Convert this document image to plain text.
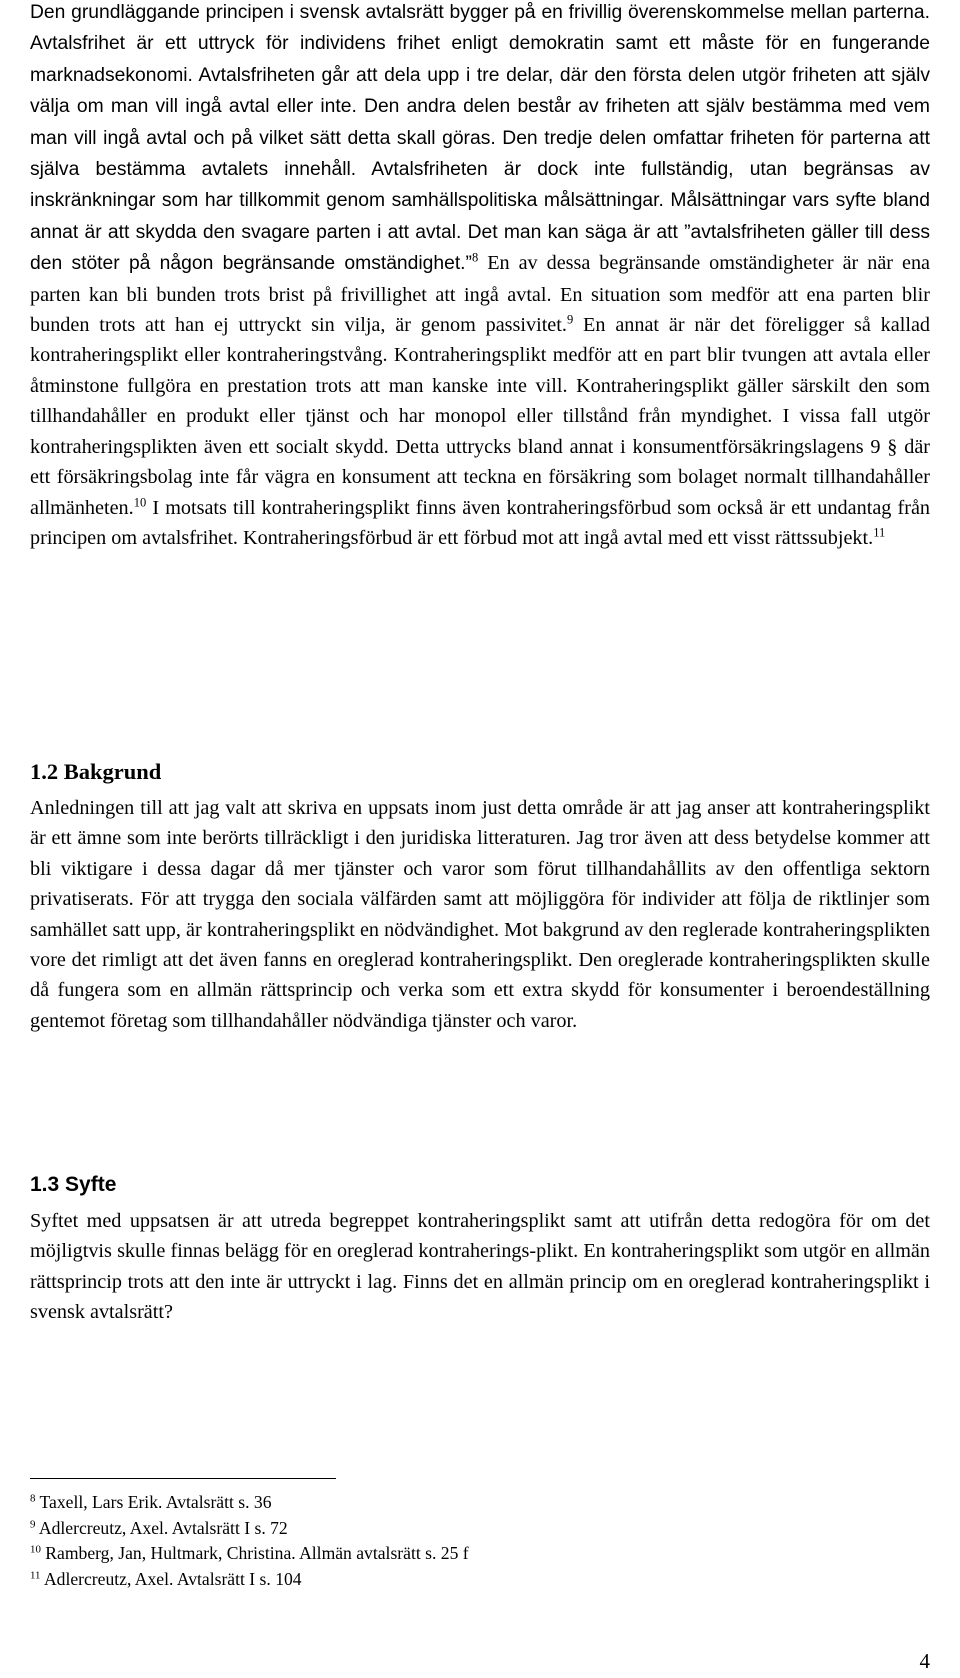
Den grundläggande principen i svensk avtalsrätt bygger på en frivillig överenskommelse mellan parterna. Avtalsfrihet är ett uttryck för individens frihet enligt demokratin samt ett måste för en fungerande marknadsekonomi. Avtalsfriheten går att dela upp i tre delar, där den första delen utgör friheten att själv välja om man vill ingå avtal eller inte. Den andra delen består av friheten att själv bestämma med vem man vill ingå avtal och på vilket sätt detta skall göras. Den tredje delen omfattar friheten för parterna att själva bestämma avtalets innehåll. Avtalsfriheten är dock inte fullständig, utan begränsas av inskränkningar som har tillkommit genom samhällspolitiska målsättningar. Målsättningar vars syfte bland annat är att skydda den svagare parten i att avtal. Det man kan säga är att ”avtalsfriheten gäller till dess den stöter på någon begränsande omständighet.”$^8$ En av dessa begränsande omständigheter är när ena parten kan bli bunden trots brist på frivillighet att ingå avtal. En situation som medför att ena parten blir bunden trots att han ej uttryckt sin vilja, är genom passivitet.$^9$ En annat är när det föreligger så kallad kontraheringsplikt eller kontraheringstvång. Kontraheringsplikt medför att en part blir tvungen att avtala eller åtminstone fullgöra en prestation trots att man kanske inte vill. Kontraheringsplikt gäller särskilt den som tillhandahåller en produkt eller tjänst och har monopol eller tillstånd från myndighet. I vissa fall utgör kontraheringsplikten även ett socialt skydd. Detta uttrycks bland annat i konsumentförsäkringslagens 9 § där ett försäkringsbolag inte får vägra en konsument att teckna en försäkring som bolaget normalt tillhandahåller allmänheten.$^{10}$ I motsats till kontraheringsplikt finns även kontraheringsförbud som också är ett undantag från principen om avtalsfrihet. Kontraheringsförbud är ett förbud mot att ingå avtal med ett visst rättssubjekt.$^{11}$

1.2 Bakgrund

Anledningen till att jag valt att skriva en uppsats inom just detta område är att jag anser att kontraheringsplikt är ett ämne som inte berörts tillräckligt i den juridiska litteraturen. Jag tror även att dess betydelse kommer att bli viktigare i dessa dagar då mer tjänster och varor som förut tillhandahållits av den offentliga sektorn privatiserats. För att trygga den sociala välfärden samt att möjliggöra för individer att följa de riktlinjer som samhället satt upp, är kontraheringsplikt en nödvändighet. Mot bakgrund av den reglerade kontraheringsplikten vore det rimligt att det även fanns en oreglerad kontraheringsplikt. Den oreglerade kontraheringsplikten skulle då fungera som en allmän rättsprincip och verka som ett extra skydd för konsumenter i beroendeställning gentemot företag som tillhandahåller nödvändiga tjänster och varor.

1.3 Syfte

Syftet med uppsatsen är att utreda begreppet kontraheringsplikt samt att utifrån detta redogöra för om det möjligtvis skulle finnas belägg för en oreglerad kontraherings-plikt. En kontraheringsplikt som utgör en allmän rättsprincip trots att den inte är uttryckt i lag. Finns det en allmän princip om en oreglerad kontraheringsplikt i svensk avtalsrätt?

$^8$ Taxell, Lars Erik. Avtalsrätt s. 36

$^9$ Adlercreutz, Axel. Avtalsrätt I s. 72

$^{10}$ Ramberg, Jan, Hultmark, Christina. Allmän avtalsrätt s. 25 f

$^{11}$ Adlercreutz, Axel. Avtalsrätt I s. 104

4
